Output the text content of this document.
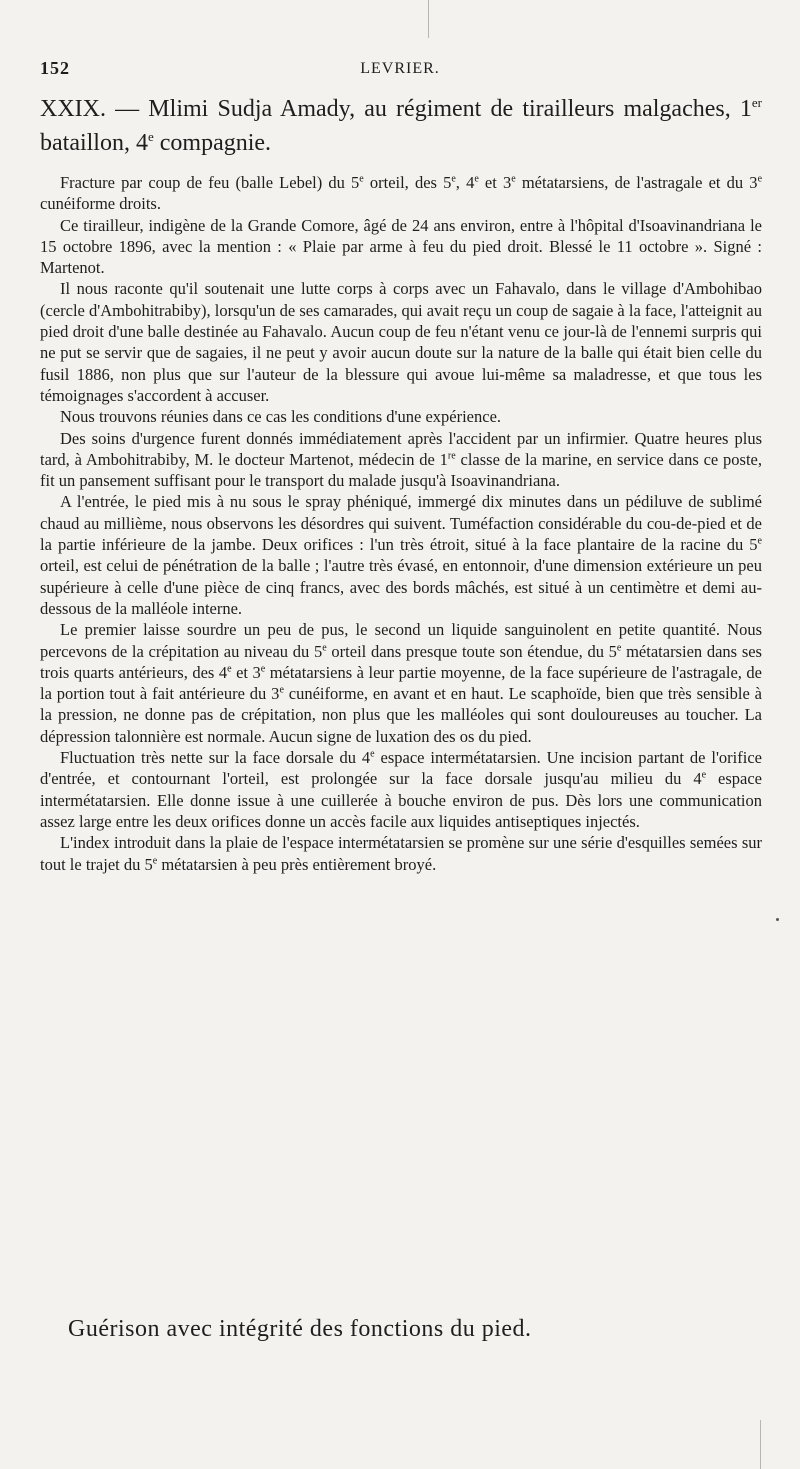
152	LEVRIER.
XXIX. — Mlimi Sudja Amady, au régiment de tirailleurs malgaches, 1er bataillon, 4e compagnie.

Fracture par coup de feu (balle Lebel) du 5e orteil, des 5e, 4e et 3e métatarsiens, de l'astragale et du 3e cunéiforme droits.

Ce tirailleur, indigène de la Grande Comore, âgé de 24 ans environ, entre à l'hôpital d'Isoavinandriana le 15 octobre 1896, avec la mention : « Plaie par arme à feu du pied droit. Blessé le 11 octobre ». Signé : Martenot.

Il nous raconte qu'il soutenait une lutte corps à corps avec un Fahavalo, dans le village d'Ambohibao (cercle d'Ambohitrabiby), lorsqu'un de ses camarades, qui avait reçu un coup de sagaie à la face, l'atteignit au pied droit d'une balle destinée au Fahavalo. Aucun coup de feu n'étant venu ce jour-là de l'ennemi surpris qui ne put se servir que de sagaies, il ne peut y avoir aucun doute sur la nature de la balle qui était bien celle du fusil 1886, non plus que sur l'auteur de la blessure qui avoue lui-même sa maladresse, et que tous les témoignages s'accordent à accuser.

Nous trouvons réunies dans ce cas les conditions d'une expérience.

Des soins d'urgence furent donnés immédiatement après l'accident par un infirmier. Quatre heures plus tard, à Ambohitrabiby, M. le docteur Martenot, médecin de 1re classe de la marine, en service dans ce poste, fit un pansement suffisant pour le transport du malade jusqu'à Isoavinandriana.

A l'entrée, le pied mis à nu sous le spray phéniqué, immergé dix minutes dans un pédiluve de sublimé chaud au millième, nous observons les désordres qui suivent. Tuméfaction considérable du cou-de-pied et de la partie inférieure de la jambe. Deux orifices : l'un très étroit, situé à la face plantaire de la racine du 5e orteil, est celui de pénétration de la balle ; l'autre très évasé, en entonnoir, d'une dimension extérieure un peu supérieure à celle d'une pièce de cinq francs, avec des bords mâchés, est situé à un centimètre et demi au-dessous de la malléole interne.

Le premier laisse sourdre un peu de pus, le second un liquide sanguinolent en petite quantité. Nous percevons de la crépitation au niveau du 5e orteil dans presque toute son étendue, du 5e métatarsien dans ses trois quarts antérieurs, des 4e et 3e métatarsiens à leur partie moyenne, de la face supérieure de l'astragale, de la portion tout à fait antérieure du 3e cunéiforme, en avant et en haut. Le scaphoïde, bien que très sensible à la pression, ne donne pas de crépitation, non plus que les malléoles qui sont douloureuses au toucher. La dépression talonnière est normale. Aucun signe de luxation des os du pied.

Fluctuation très nette sur la face dorsale du 4e espace intermétatarsien. Une incision partant de l'orifice d'entrée, et contournant l'orteil, est prolongée sur la face dorsale jusqu'au milieu du 4e espace intermétatarsien. Elle donne issue à une cuillerée à bouche environ de pus. Dès lors une communication assez large entre les deux orifices donne un accès facile aux liquides antiseptiques injectés.

L'index introduit dans la plaie de l'espace intermétatarsien se promène sur une série d'esquilles semées sur tout le trajet du 5e métatarsien à peu près entièrement broyé.

Guérison avec intégrité des fonctions du pied.
